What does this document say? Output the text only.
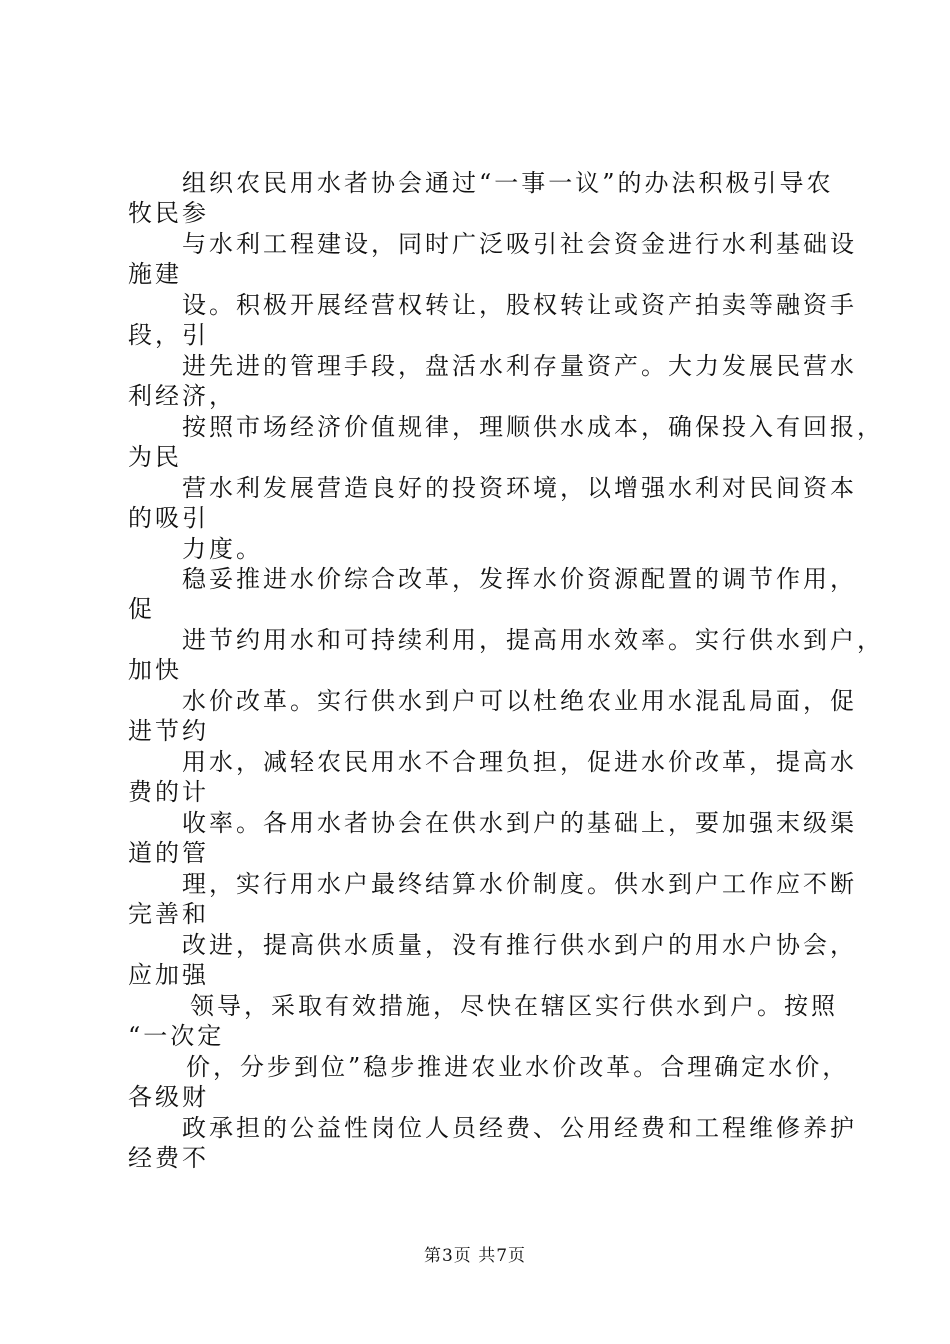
组织农民用水者协会通过“一事一议”的办法积极引导农
牧民参
与水利工程建设，同时广泛吸引社会资金进行水利基础设
施建
设。积极开展经营权转让，股权转让或资产拍卖等融资手
段，引
进先进的管理手段，盘活水利存量资产。大力发展民营水
利经济，
按照市场经济价值规律，理顺供水成本，确保投入有回报，
为民
营水利发展营造良好的投资环境，以增强水利对民间资本
的吸引
力度。
稳妥推进水价综合改革，发挥水价资源配置的调节作用，
促
进节约用水和可持续利用，提高用水效率。实行供水到户，
加快
水价改革。实行供水到户可以杜绝农业用水混乱局面，促
进节约
用水，减轻农民用水不合理负担，促进水价改革，提高水
费的计
收率。各用水者协会在供水到户的基础上，要加强末级渠
道的管
理，实行用水户最终结算水价制度。供水到户工作应不断
完善和
改进，提高供水质量，没有推行供水到户的用水户协会，
应加强
领导，采取有效措施，尽快在辖区实行供水到户。按照
“一次定
价，分步到位”稳步推进农业水价改革。合理确定水价，
各级财
政承担的公益性岗位人员经费、公用经费和工程维修养护
经费不
第3页 共7页
